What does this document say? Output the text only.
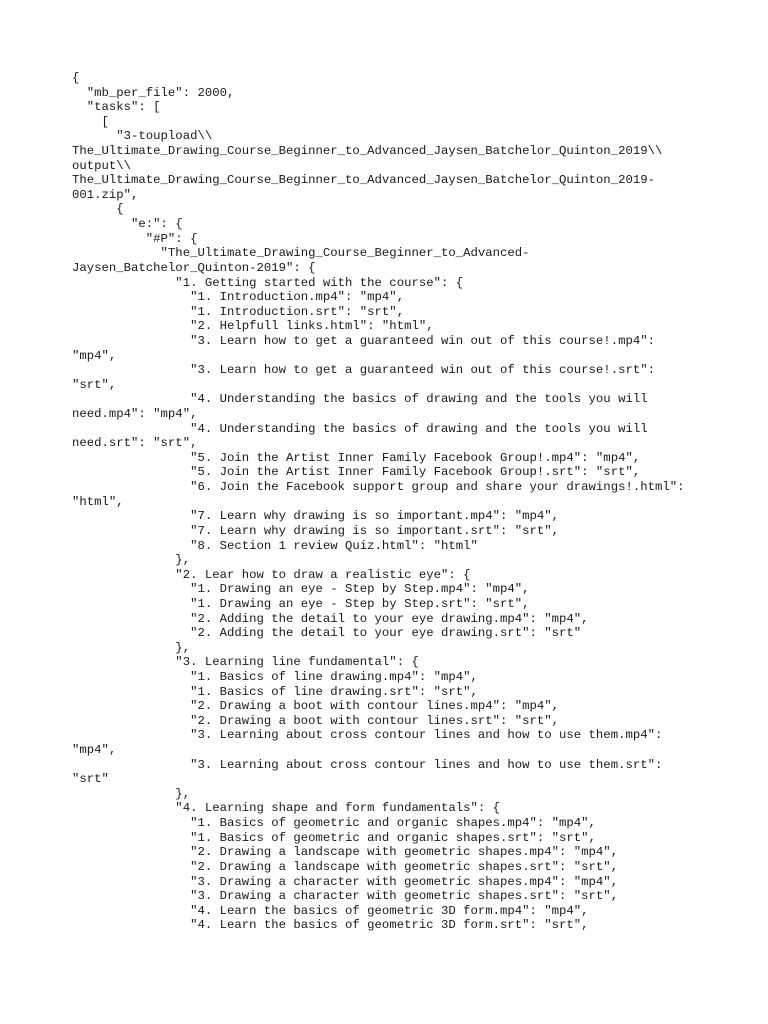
{
"mb_per_file": 2000,
"tasks": [
[
"3-toupload\\
The_Ultimate_Drawing_Course_Beginner_to_Advanced_Jaysen_Batchelor_Quinton_2019\\
output\\
The_Ultimate_Drawing_Course_Beginner_to_Advanced_Jaysen_Batchelor_Quinton_2019-
001.zip",
{
"e:": {
"#P": {
"The_Ultimate_Drawing_Course_Beginner_to_Advanced-
Jaysen_Batchelor_Quinton-2019": {
"1. Getting started with the course": {
"1. Introduction.mp4": "mp4",
"1. Introduction.srt": "srt",
"2. Helpfull links.html": "html",
"3. Learn how to get a guaranteed win out of this course!.mp4":
"mp4",
"3. Learn how to get a guaranteed win out of this course!.srt":
"srt",
"4. Understanding the basics of drawing and the tools you will
need.mp4": "mp4",
"4. Understanding the basics of drawing and the tools you will
need.srt": "srt",
"5. Join the Artist Inner Family Facebook Group!.mp4": "mp4",
"5. Join the Artist Inner Family Facebook Group!.srt": "srt",
"6. Join the Facebook support group and share your drawings!.html":
"html",
"7. Learn why drawing is so important.mp4": "mp4",
"7. Learn why drawing is so important.srt": "srt",
"8. Section 1 review Quiz.html": "html"
},
"2. Lear how to draw a realistic eye": {
"1. Drawing an eye - Step by Step.mp4": "mp4",
"1. Drawing an eye - Step by Step.srt": "srt",
"2. Adding the detail to your eye drawing.mp4": "mp4",
"2. Adding the detail to your eye drawing.srt": "srt"
},
"3. Learning line fundamental": {
"1. Basics of line drawing.mp4": "mp4",
"1. Basics of line drawing.srt": "srt",
"2. Drawing a boot with contour lines.mp4": "mp4",
"2. Drawing a boot with contour lines.srt": "srt",
"3. Learning about cross contour lines and how to use them.mp4":
"mp4",
"3. Learning about cross contour lines and how to use them.srt":
"srt"
},
"4. Learning shape and form fundamentals": {
"1. Basics of geometric and organic shapes.mp4": "mp4",
"1. Basics of geometric and organic shapes.srt": "srt",
"2. Drawing a landscape with geometric shapes.mp4": "mp4",
"2. Drawing a landscape with geometric shapes.srt": "srt",
"3. Drawing a character with geometric shapes.mp4": "mp4",
"3. Drawing a character with geometric shapes.srt": "srt",
"4. Learn the basics of geometric 3D form.mp4": "mp4",
"4. Learn the basics of geometric 3D form.srt": "srt",
